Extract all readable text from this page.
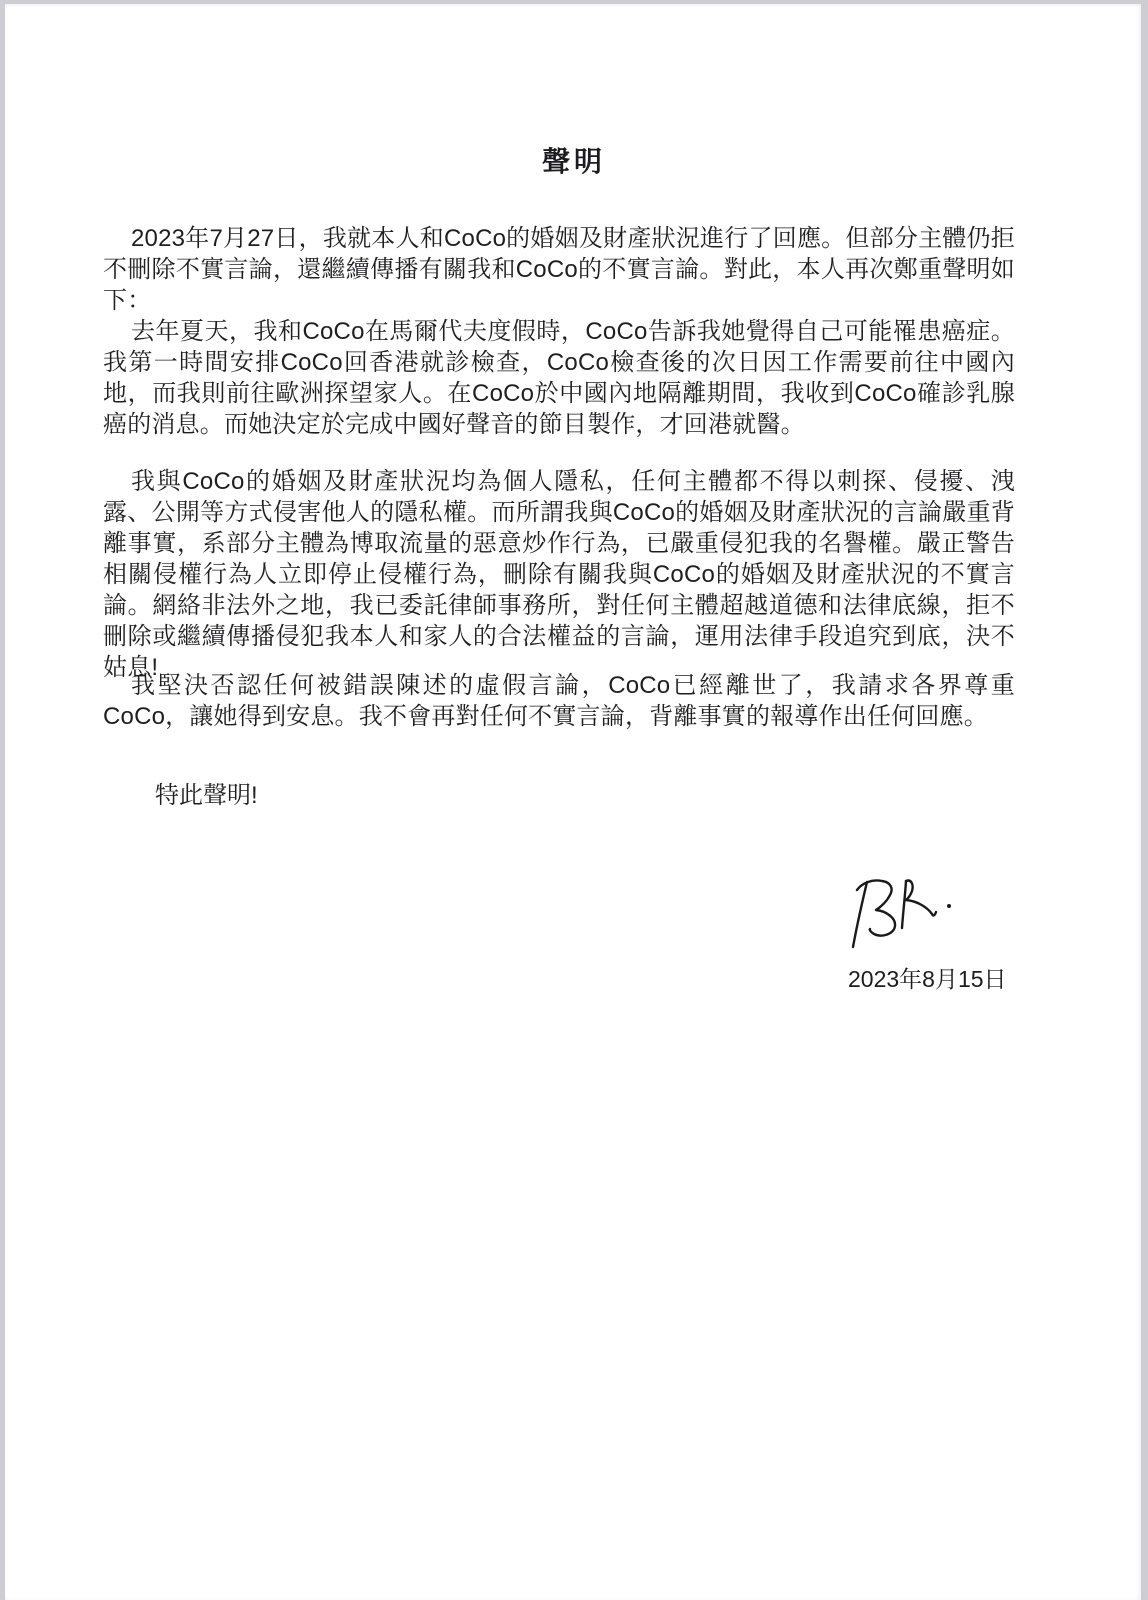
聲明

2023年7月27日，我就本人和CoCo的婚姻及財產狀況進行了回應。但部分主體仍拒不刪除不實言論，還繼續傳播有關我和CoCo的不實言論。對此，本人再次鄭重聲明如下：

去年夏天，我和CoCo在馬爾代夫度假時，CoCo告訴我她覺得自己可能罹患癌症。我第一時間安排CoCo回香港就診檢查，CoCo檢查後的次日因工作需要前往中國內地，而我則前往歐洲探望家人。在CoCo於中國內地隔離期間，我收到CoCo確診乳腺癌的消息。而她決定於完成中國好聲音的節目製作，才回港就醫。

我與CoCo的婚姻及財產狀況均為個人隱私，任何主體都不得以刺探、侵擾、洩露、公開等方式侵害他人的隱私權。而所謂我與CoCo的婚姻及財產狀況的言論嚴重背離事實，系部分主體為博取流量的惡意炒作行為，已嚴重侵犯我的名譽權。嚴正警告相關侵權行為人立即停止侵權行為，刪除有關我與CoCo的婚姻及財產狀況的不實言論。網絡非法外之地，我已委託律師事務所，對任何主體超越道德和法律底線，拒不刪除或繼續傳播侵犯我本人和家人的合法權益的言論，運用法律手段追究到底，決不姑息!

我堅決否認任何被錯誤陳述的虛假言論，CoCo已經離世了，我請求各界尊重CoCo，讓她得到安息。我不會再對任何不實言論，背離事實的報導作出任何回應。

特此聲明!

2023年8月15日
